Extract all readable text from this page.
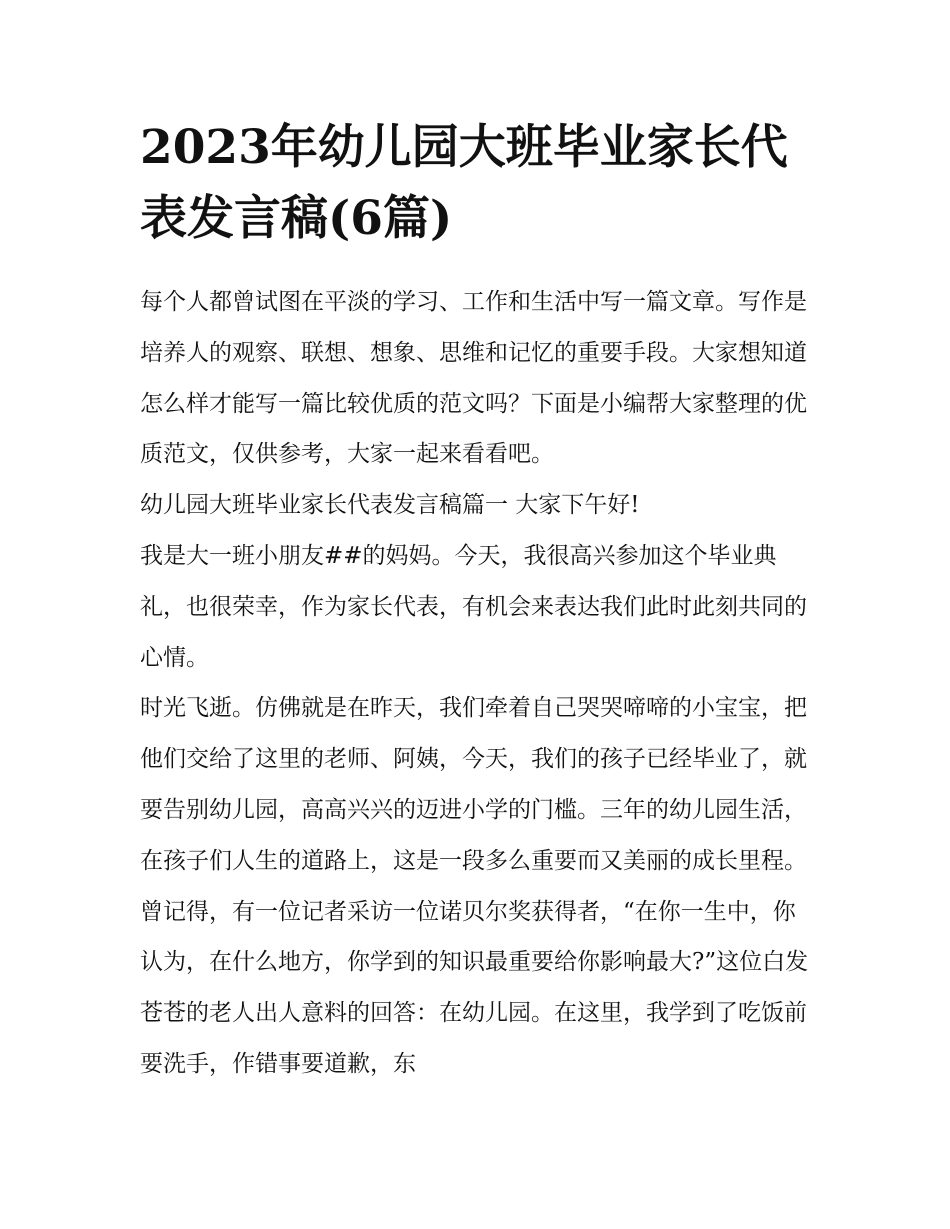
2023年幼儿园大班毕业家长代表发言稿(6篇)

每个人都曾试图在平淡的学习、工作和生活中写一篇文章。写作是培养人的观察、联想、想象、思维和记忆的重要手段。大家想知道怎么样才能写一篇比较优质的范文吗？下面是小编帮大家整理的优质范文，仅供参考，大家一起来看看吧。

幼儿园大班毕业家长代表发言稿篇一 大家下午好!

我是大一班小朋友##的妈妈。今天，我很高兴参加这个毕业典礼，也很荣幸，作为家长代表，有机会来表达我们此时此刻共同的心情。

时光飞逝。仿佛就是在昨天，我们牵着自己哭哭啼啼的小宝宝，把他们交给了这里的老师、阿姨，今天，我们的孩子已经毕业了，就要告别幼儿园，高高兴兴的迈进小学的门槛。三年的幼儿园生活，在孩子们人生的道路上，这是一段多么重要而又美丽的成长里程。曾记得，有一位记者采访一位诺贝尔奖获得者，“在你一生中，你认为，在什么地方，你学到的知识最重要给你影响最大?”这位白发苍苍的老人出人意料的回答：在幼儿园。在这里，我学到了吃饭前要洗手，作错事要道歉，东
